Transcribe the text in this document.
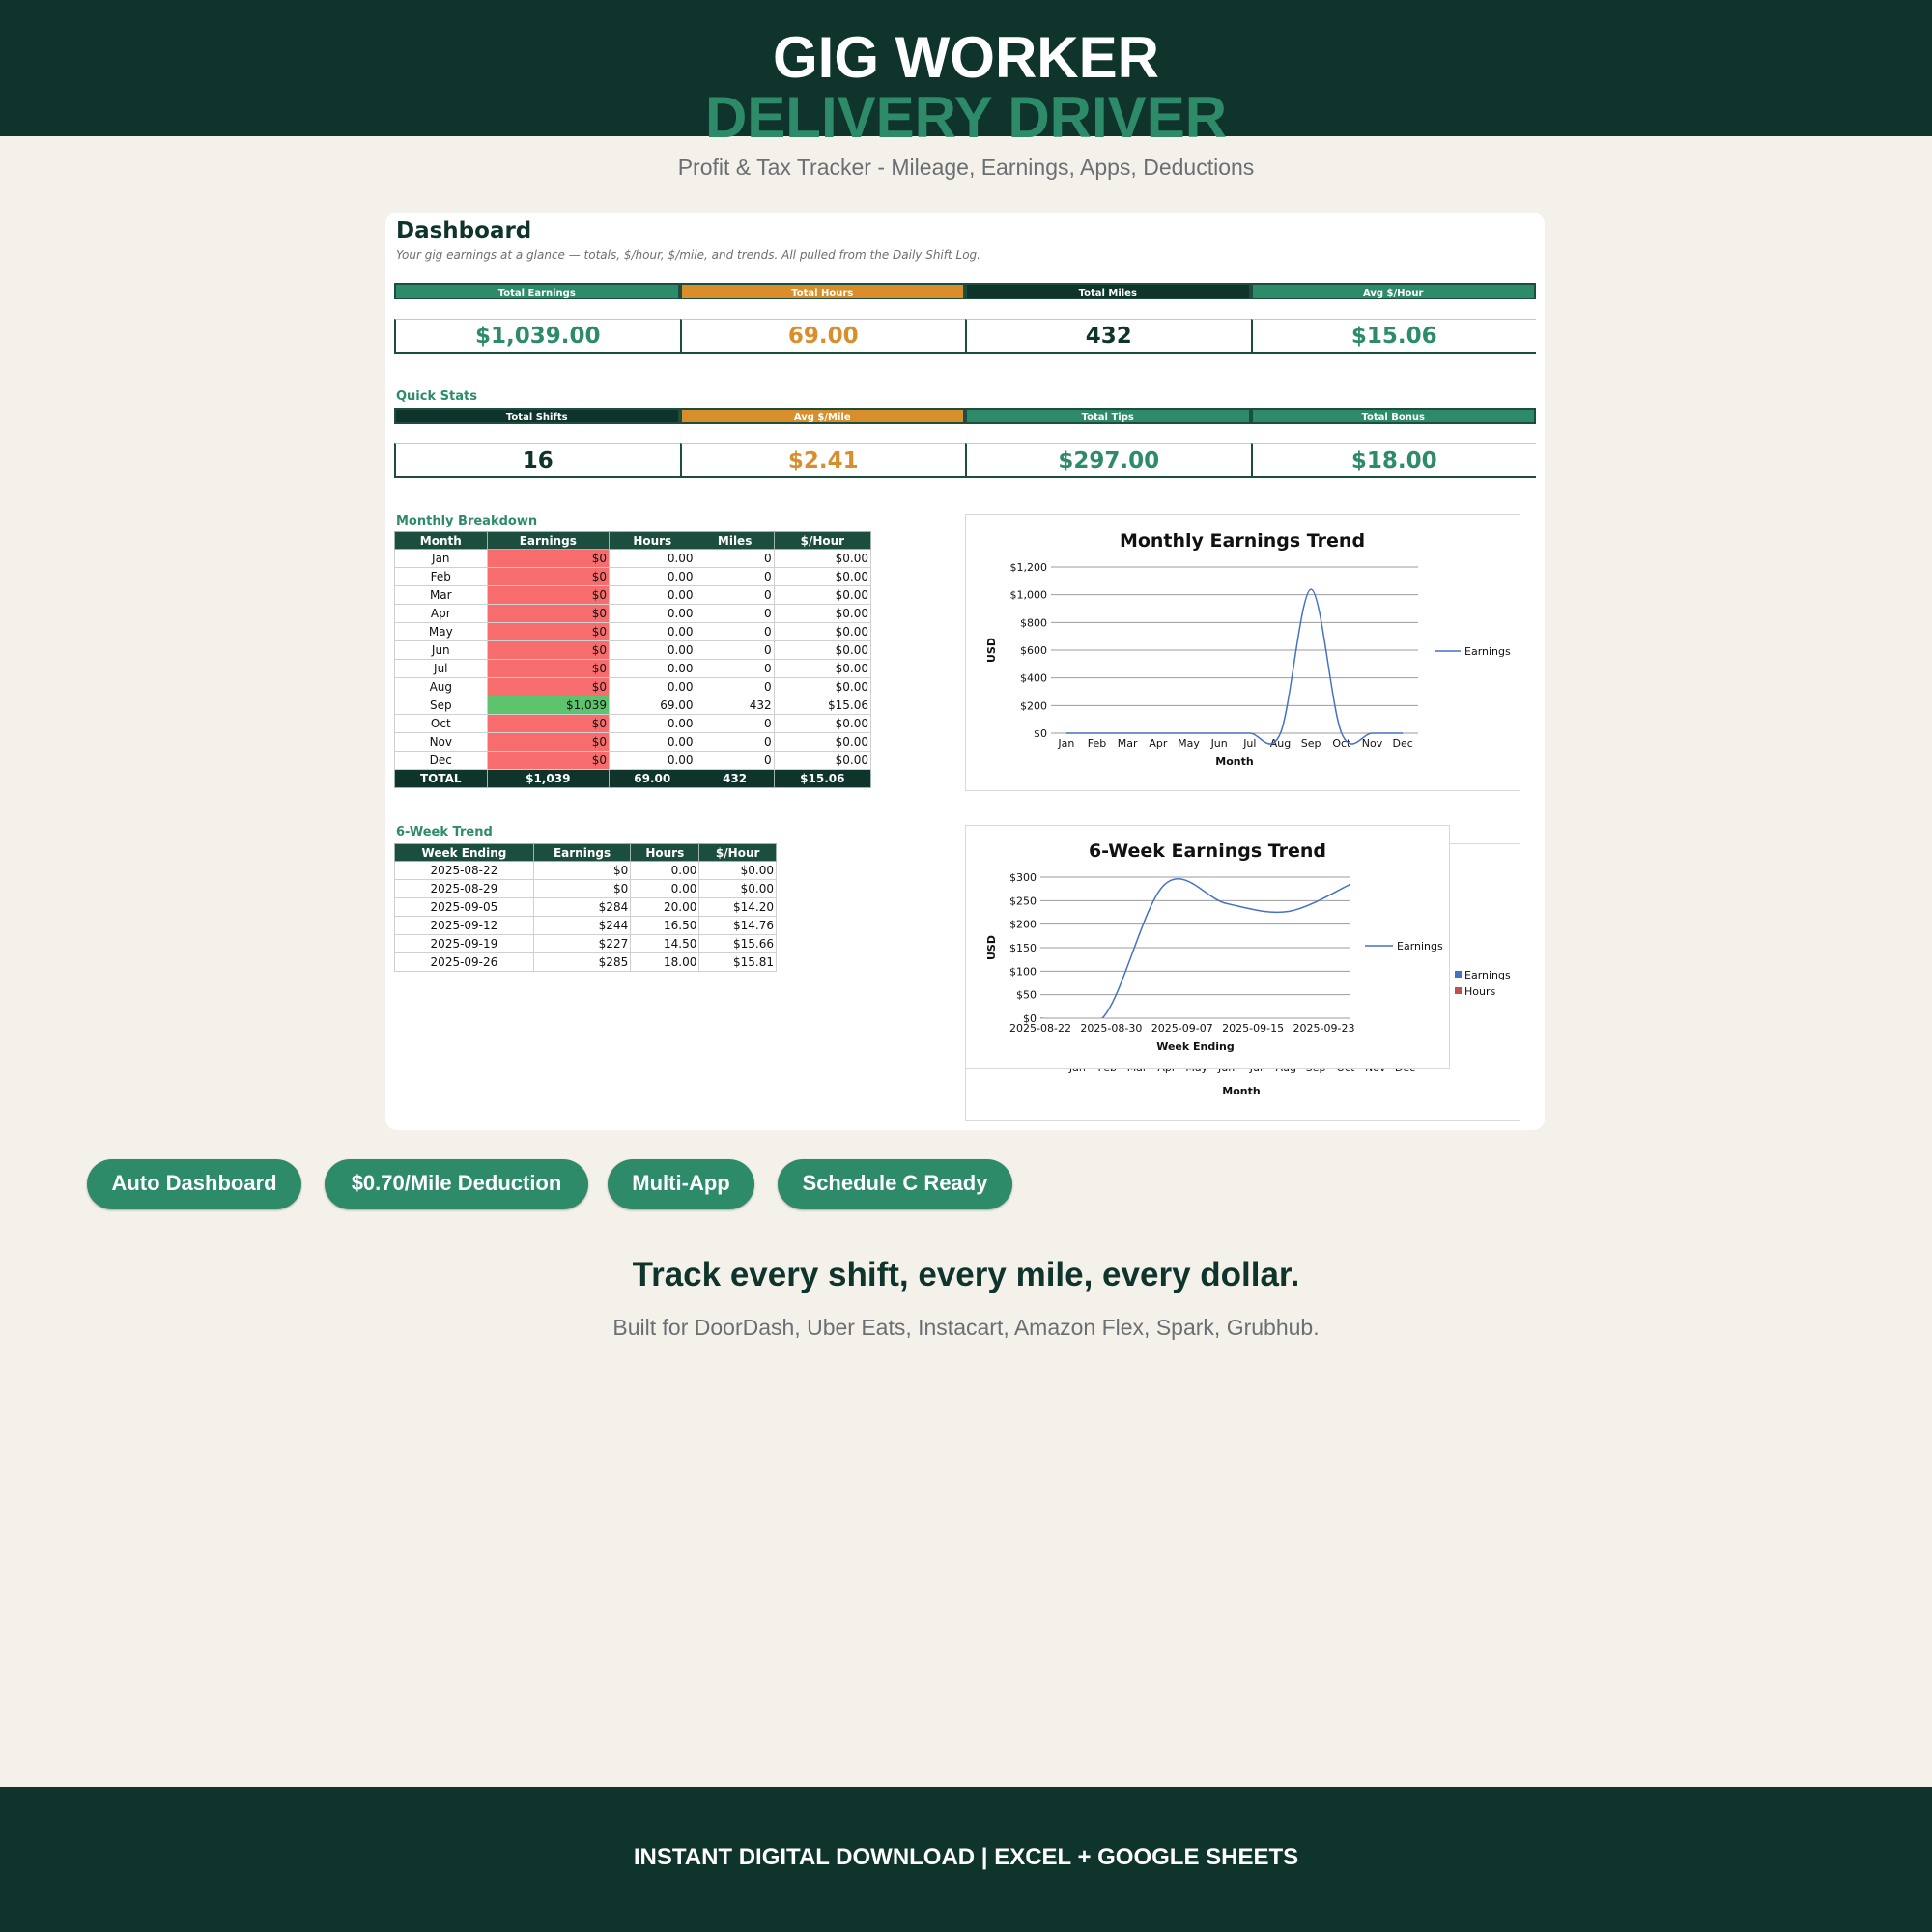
GIG WORKER
DELIVERY DRIVER
Profit & Tax Tracker - Mileage, Earnings, Apps, Deductions
Dashboard
Your gig earnings at a glance — totals, $/hour, $/mile, and trends. All pulled from the Daily Shift Log.
Total Earnings
$1,039.00
Total Hours
69.00
Total Miles
432
Avg $/Hour
$15.06
Quick Stats
Total Shifts
16
Avg $/Mile
$2.41
Total Tips
$297.00
Total Bonus
$18.00
Monthly Breakdown
Month	Earnings	Hours	Miles	$/Hour
Jan	$0	0.00	0	$0.00
Feb	$0	0.00	0	$0.00
Mar	$0	0.00	0	$0.00
Apr	$0	0.00	0	$0.00
May	$0	0.00	0	$0.00
Jun	$0	0.00	0	$0.00
Jul	$0	0.00	0	$0.00
Aug	$0	0.00	0	$0.00
Sep	$1,039	69.00	432	$15.06
Oct	$0	0.00	0	$0.00
Nov	$0	0.00	0	$0.00
Dec	$0	0.00	0	$0.00
TOTAL	$1,039	69.00	432	$15.06
6-Week Trend
Week Ending	Earnings	Hours	$/Hour
2025-08-22	$0	0.00	$0.00
2025-08-29	$0	0.00	$0.00
2025-09-05	$284	20.00	$14.20
2025-09-12	$244	16.50	$14.76
2025-09-19	$227	14.50	$15.66
2025-09-26	$285	18.00	$15.81
Monthly Earnings Trend
$0
$200
$400
$600
$800
$1,000
$1,200
Jan Feb Mar Apr May Jun Jul Aug Sep Oct Nov Dec
Month
USD	Earnings
Month
Earnings
Hours
6-Week Earnings Trend
$0
$50
$100
$150
$200
$250
$300
2025-08-22 2025-08-30 2025-09-07 2025-09-15 2025-09-23
Week Ending
USD	Earnings
Auto Dashboard	$0.70/Mile Deduction	Multi-App	Schedule C Ready
Track every shift, every mile, every dollar.
Built for DoorDash, Uber Eats, Instacart, Amazon Flex, Spark, Grubhub.
INSTANT DIGITAL DOWNLOAD | EXCEL + GOOGLE SHEETS
